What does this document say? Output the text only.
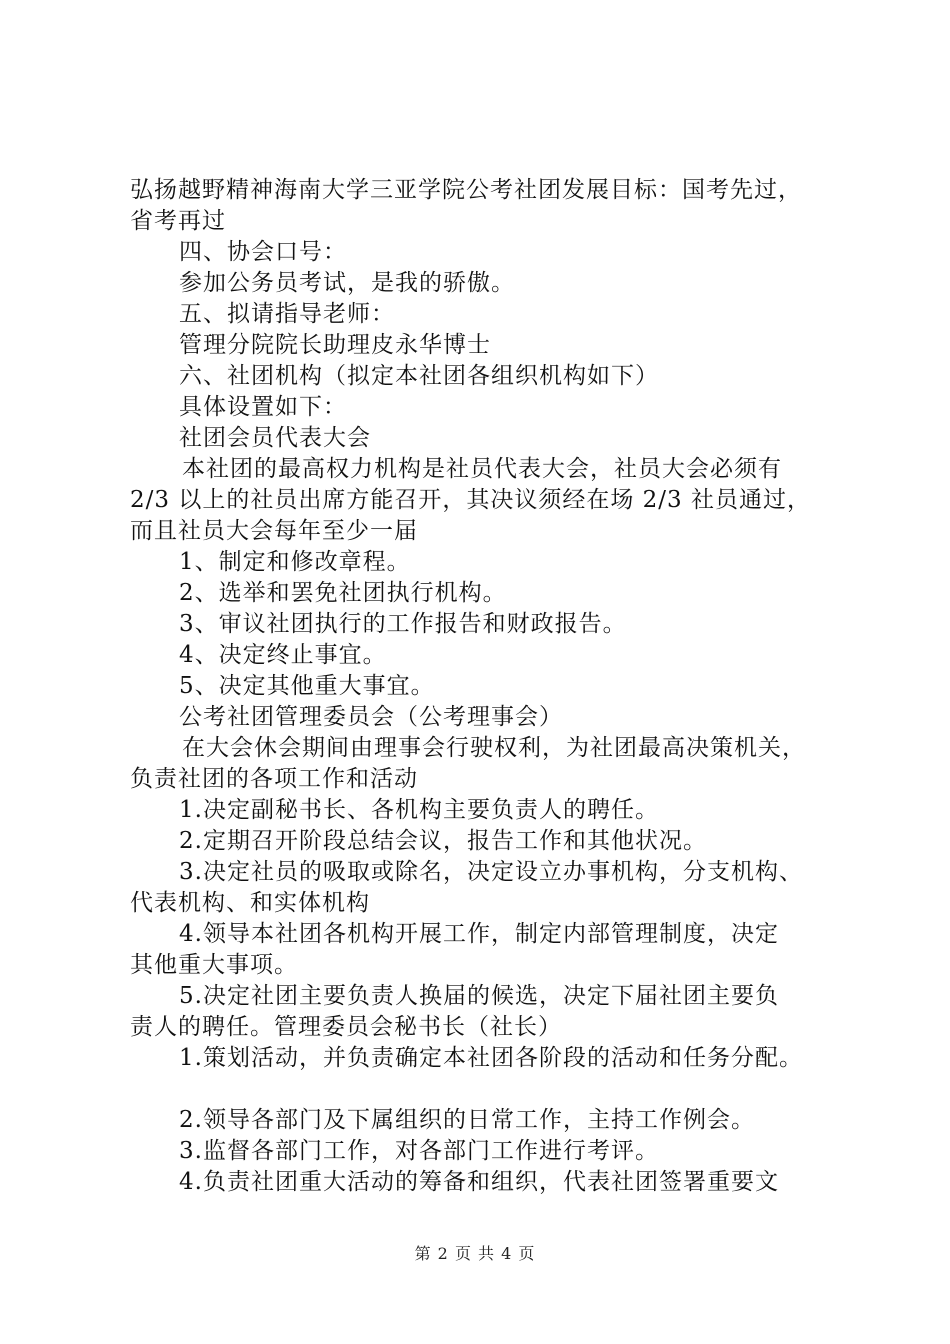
弘扬越野精神海南大学三亚学院公考社团发展目标：国考先过，
省考再过
四、协会口号：
参加公务员考试，是我的骄傲。
五、拟请指导老师：
管理分院院长助理皮永华博士
六、社团机构（拟定本社团各组织机构如下）
具体设置如下：
社团会员代表大会
本社团的最高权力机构是社员代表大会，社员大会必须有
2/3 以上的社员出席方能召开，其决议须经在场 2/3 社员通过，
而且社员大会每年至少一届
1、制定和修改章程。
2、选举和罢免社团执行机构。
3、审议社团执行的工作报告和财政报告。
4、决定终止事宜。
5、决定其他重大事宜。
公考社团管理委员会（公考理事会）
在大会休会期间由理事会行驶权利，为社团最高决策机关，
负责社团的各项工作和活动
1.决定副秘书长、各机构主要负责人的聘任。
2.定期召开阶段总结会议，报告工作和其他状况。
3.决定社员的吸取或除名，决定设立办事机构，分支机构、
代表机构、和实体机构
4.领导本社团各机构开展工作，制定内部管理制度，决定
其他重大事项。
5.决定社团主要负责人换届的候选，决定下届社团主要负
责人的聘任。管理委员会秘书长（社长）
1.策划活动，并负责确定本社团各阶段的活动和任务分配。
2.领导各部门及下属组织的日常工作，主持工作例会。
3.监督各部门工作，对各部门工作进行考评。
4.负责社团重大活动的筹备和组织，代表社团签署重要文
第 2 页 共 4 页
